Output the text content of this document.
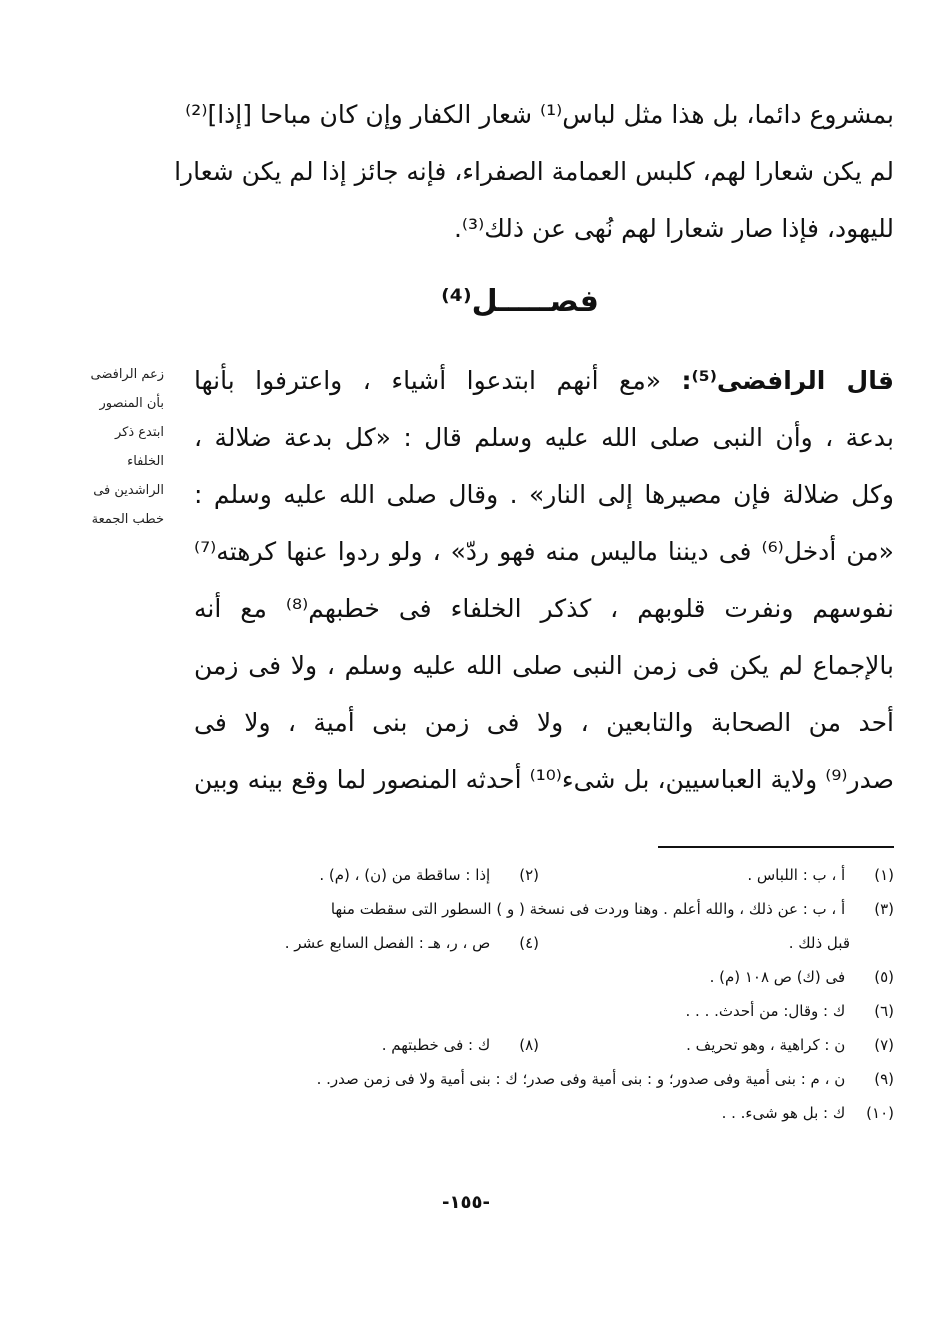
بمشروع دائما، بل هذا مثل لباس⁽¹⁾ شعار الكفار وإن كان مباحا [إذا]⁽²⁾
لم يكن شعارا لهم، كلبس العمامة الصفراء، فإنه جائز إذا لم يكن شعارا
لليهود، فإذا صار شعارا لهم نُهى عن ذلك⁽³⁾.
فصـــــل⁽⁴⁾
قال الرافضى⁽⁵⁾: «مع أنهم ابتدعوا أشياء ، واعترفوا بأنها
بدعة ، وأن النبى صلى الله عليه وسلم قال : «كل بدعة ضلالة ،
وكل ضلالة فإن مصيرها إلى النار» . وقال صلى الله عليه وسلم :
«من أدخل⁽⁶⁾ فى ديننا ماليس منه فهو ردّ» ، ولو ردوا عنها كرهته⁽⁷⁾
نفوسهم ونفرت قلوبهم ، كذكر الخلفاء فى خطبهم⁽⁸⁾ مع أنه
بالإجماع لم يكن فى زمن النبى صلى الله عليه وسلم ، ولا فى زمن
أحد من الصحابة والتابعين ، ولا فى زمن بنى أمية ، ولا فى
صدر⁽⁹⁾ ولاية العباسيين، بل شىء⁽¹⁰⁾ أحدثه المنصور لما وقع بينه وبين
زعم الرافضى
بأن المنصور
ابتدع ذكر
الخلفاء
الراشدين فى
خطب الجمعة
(١) أ ، ب : اللباس .
(٢) إذا : ساقطة من (ن) ، (م) .
(٣) أ ، ب : عن ذلك ، والله أعلم . وهنا وردت فى نسخة ( و ) السطور التى سقطت منها
قبل ذلك .
(٤) ص ، ر، هـ : الفصل السابع عشر .
(٥) فى (ك) ص ١٠٨ (م) .
(٦) ك : وقال: من أحدث. . . .
(٧) ن : كراهية ، وهو تحريف .
(٨) ك : فى خطبتهم .
(٩) ن ، م : بنى أمية وفى صدور؛ و : بنى أمية وفى صدر؛ ك : بنى أمية ولا فى زمن صدر. .
(١٠) ك : بل هو شىء. . .
-١٥٥-
